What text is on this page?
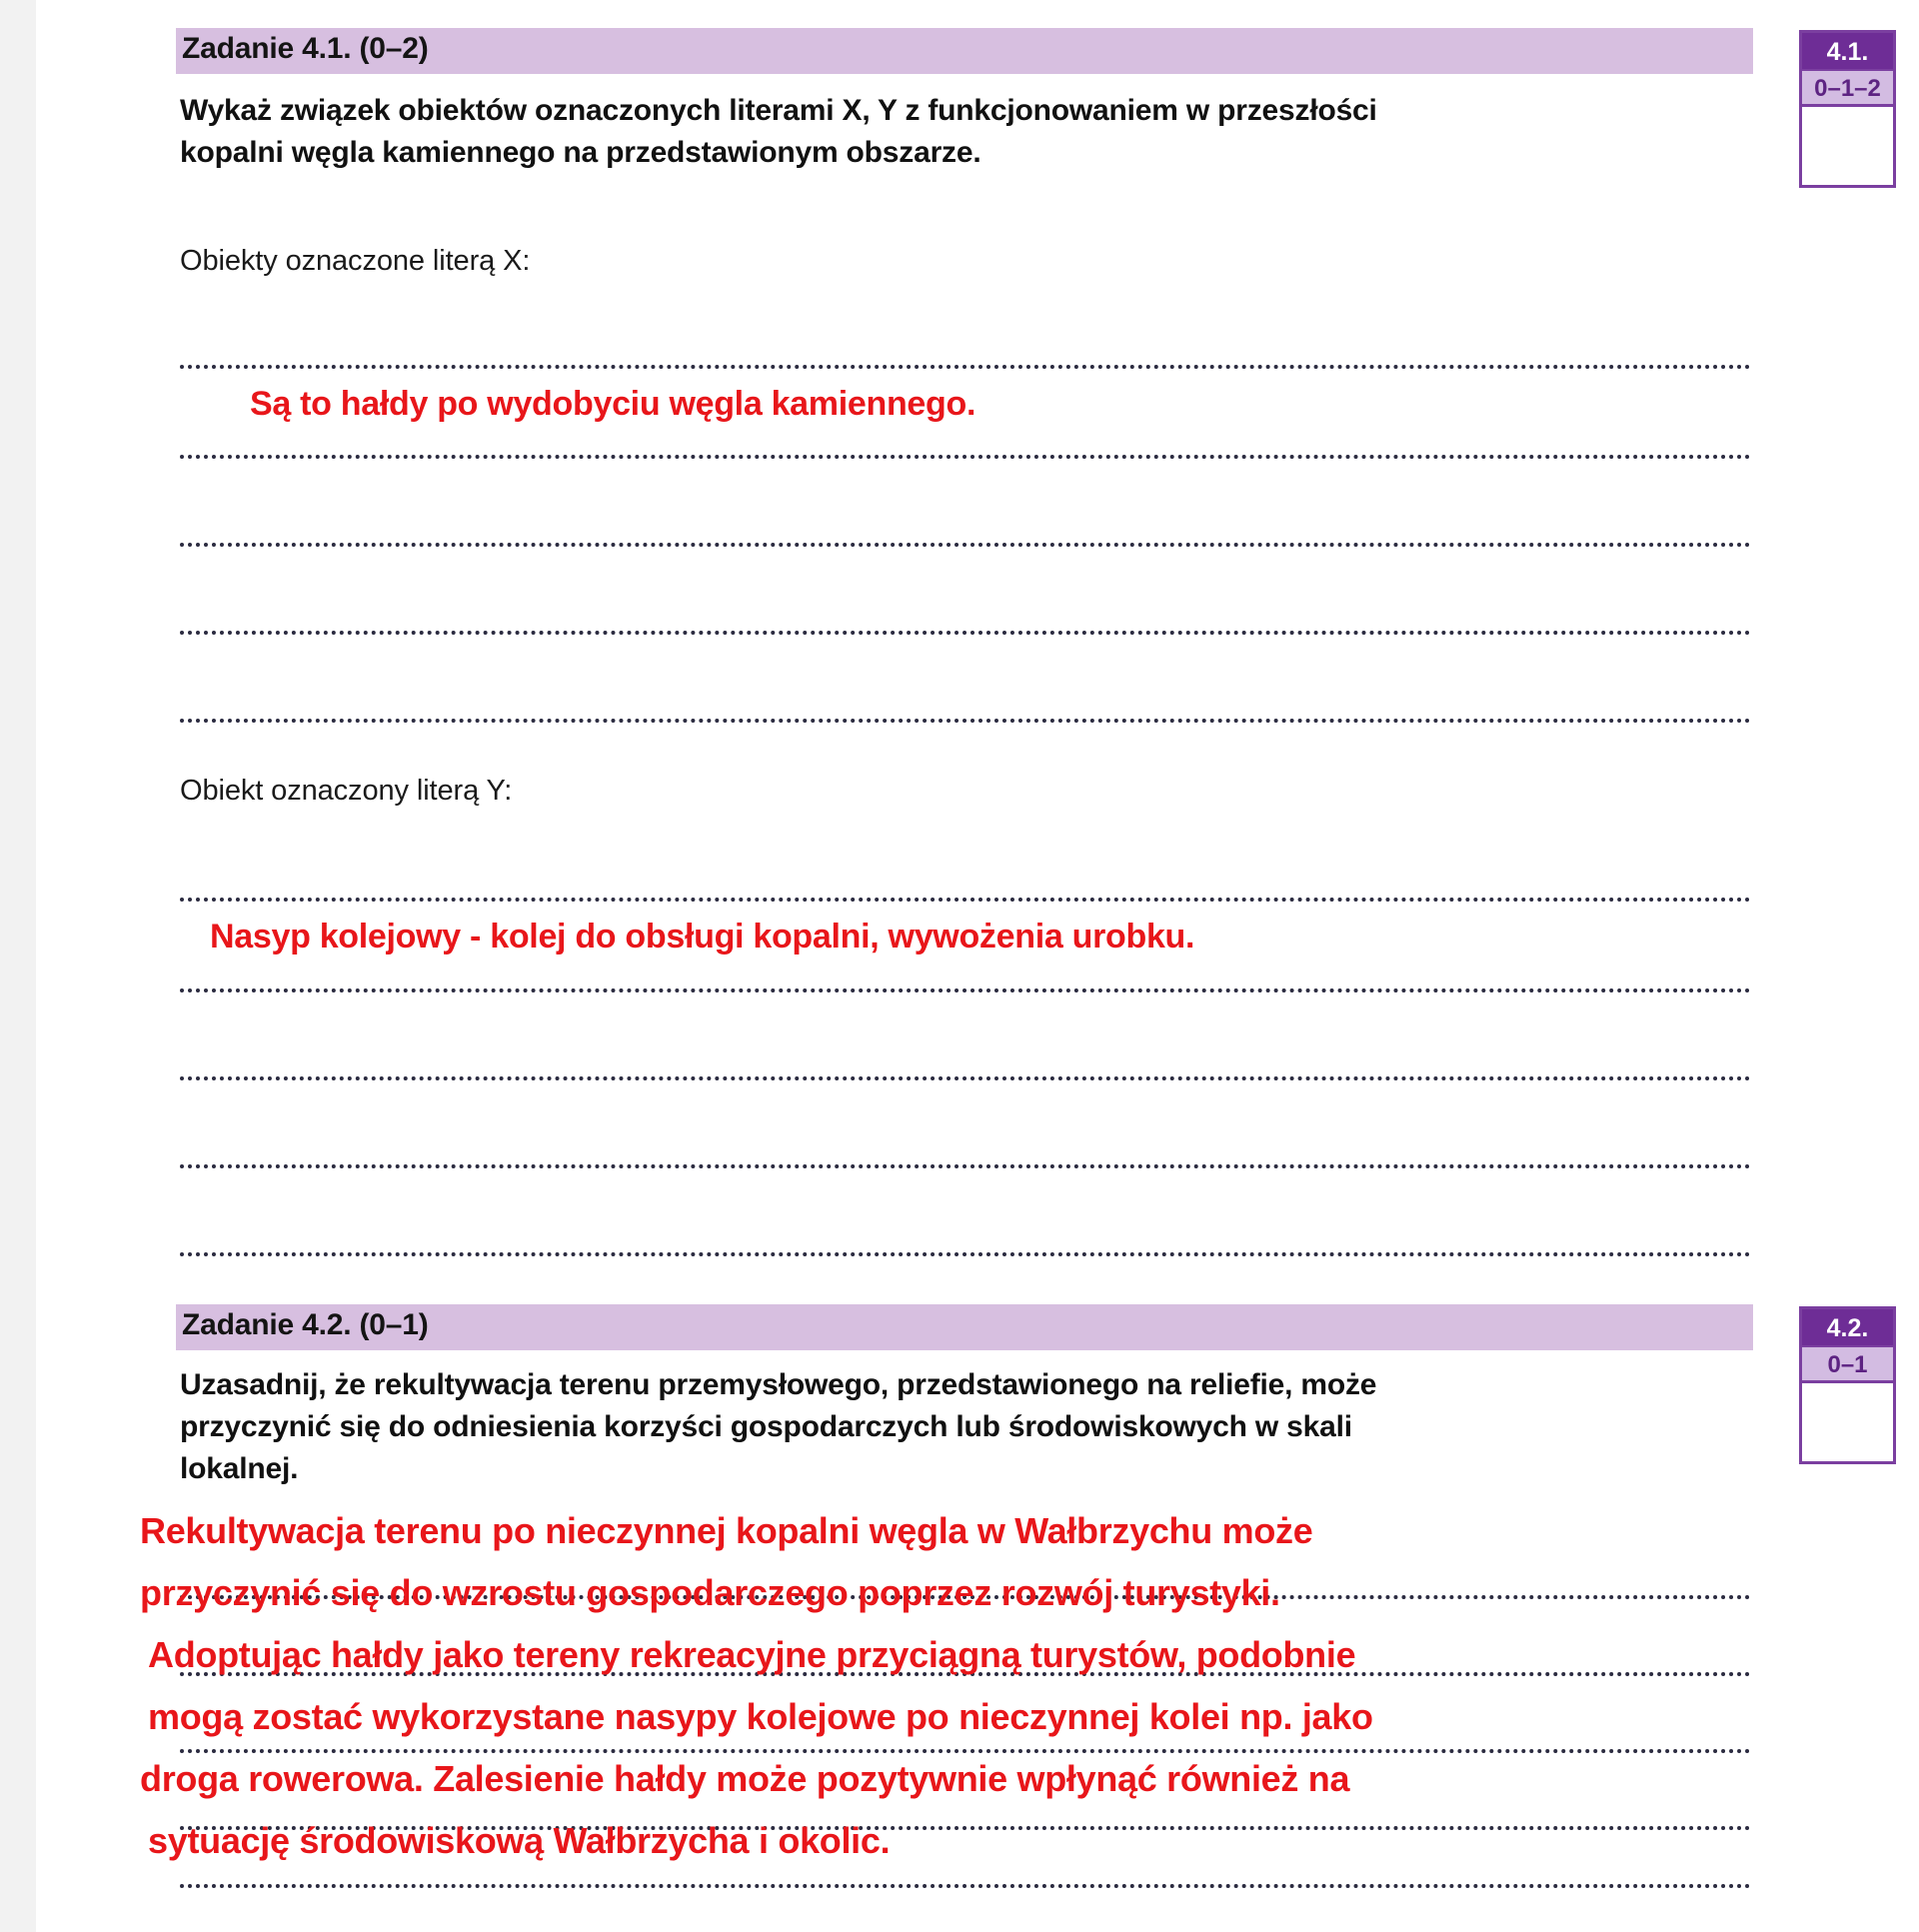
Zadanie 4.1. (0–2)
Wykaż związek obiektów oznaczonych literami X, Y z funkcjonowaniem w przeszłości
kopalni węgla kamiennego na przedstawionym obszarze.
4.1.
0–1–2
Obiekty oznaczone literą X:
Są to hałdy po wydobyciu węgla kamiennego.
Obiekt oznaczony literą Y:
Nasyp kolejowy - kolej do obsługi kopalni, wywożenia urobku.
Zadanie 4.2. (0–1)
Uzasadnij, że rekultywacja terenu przemysłowego, przedstawionego na reliefie, może
przyczynić się do odniesienia korzyści gospodarczych lub środowiskowych w skali
lokalnej.
4.2.
0–1
Rekultywacja terenu po nieczynnej kopalni węgla w Wałbrzychu może
przyczynić się do wzrostu gospodarczego poprzez rozwój turystyki.
Adoptując hałdy jako tereny rekreacyjne przyciągną turystów, podobnie
mogą zostać wykorzystane nasypy kolejowe po nieczynnej kolei np. jako
droga rowerowa. Zalesienie hałdy może pozytywnie wpłynąć również na
sytuację środowiskową Wałbrzycha i okolic.
